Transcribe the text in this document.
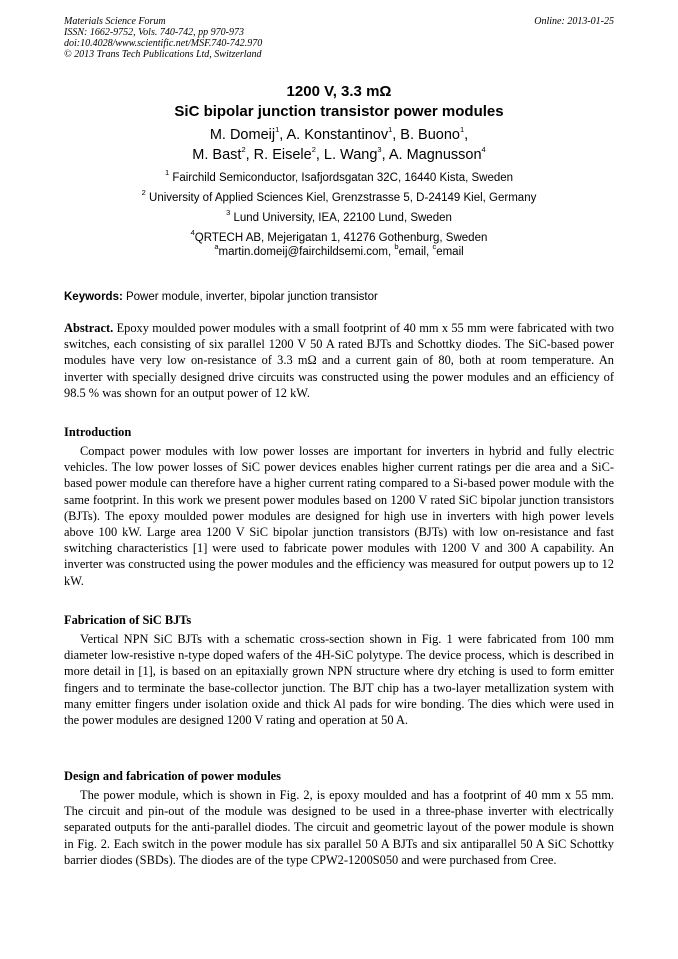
Materials Science Forum
ISSN: 1662-9752, Vols. 740-742, pp 970-973
doi:10.4028/www.scientific.net/MSF.740-742.970
© 2013 Trans Tech Publications Ltd, Switzerland
Online: 2013-01-25
1200 V, 3.3 mΩ
SiC bipolar junction transistor power modules
M. Domeij$^1$, A. Konstantinov$^1$, B. Buono$^1$,
M. Bast$^2$, R. Eisele$^2$, L. Wang$^3$, A. Magnusson$^4$
$^1$ Fairchild Semiconductor, Isafjordsgatan 32C, 16440 Kista, Sweden
$^2$ University of Applied Sciences Kiel, Grenzstrasse 5, D-24149 Kiel, Germany
$^3$ Lund University, IEA, 22100 Lund, Sweden
$^4$QRTECH AB, Mejerigatan 1, 41276 Gothenburg, Sweden
$^a$martin.domeij@fairchildsemi.com, $^b$email, $^c$email
Keywords: Power module, inverter, bipolar junction transistor
Abstract. Epoxy moulded power modules with a small footprint of 40 mm x 55 mm were fabricated with two switches, each consisting of six parallel 1200 V 50 A rated BJTs and Schottky diodes. The SiC-based power modules have very low on-resistance of 3.3 mΩ and a current gain of 80, both at room temperature. An inverter with specially designed drive circuits was constructed using the power modules and an efficiency of 98.5 % was shown for an output power of 12 kW.
Introduction
Compact power modules with low power losses are important for inverters in hybrid and fully electric vehicles. The low power losses of SiC power devices enables higher current ratings per die area and a SiC-based power module can therefore have a higher current rating compared to a Si-based power module with the same footprint. In this work we present power modules based on 1200 V rated SiC bipolar junction transistors (BJTs). The epoxy moulded power modules are designed for high use in inverters with high power levels above 100 kW. Large area 1200 V SiC bipolar junction transistors (BJTs) with low on-resistance and fast switching characteristics [1] were used to fabricate power modules with 1200 V and 300 A capability. An inverter was constructed using the power modules and the efficiency was measured for output powers up to 12 kW.
Fabrication of SiC BJTs
Vertical NPN SiC BJTs with a schematic cross-section shown in Fig. 1 were fabricated from 100 mm diameter low-resistive n-type doped wafers of the 4H-SiC polytype. The device process, which is described in more detail in [1], is based on an epitaxially grown NPN structure where dry etching is used to form emitter fingers and to terminate the base-collector junction. The BJT chip has a two-layer metallization system with many emitter fingers under isolation oxide and thick Al pads for wire bonding. The dies which were used in the power modules are designed 1200 V rating and operation at 50 A.
Design and fabrication of power modules
The power module, which is shown in Fig. 2, is epoxy moulded and has a footprint of 40 mm x 55 mm. The circuit and pin-out of the module was designed to be used in a three-phase inverter with electrically separated outputs for the anti-parallel diodes. The circuit and geometric layout of the power module is shown in Fig. 2. Each switch in the power module has six parallel 50 A BJTs and six antiparallel 50 A SiC Schottky barrier diodes (SBDs). The diodes are of the type CPW2-1200S050 and were purchased from Cree.
